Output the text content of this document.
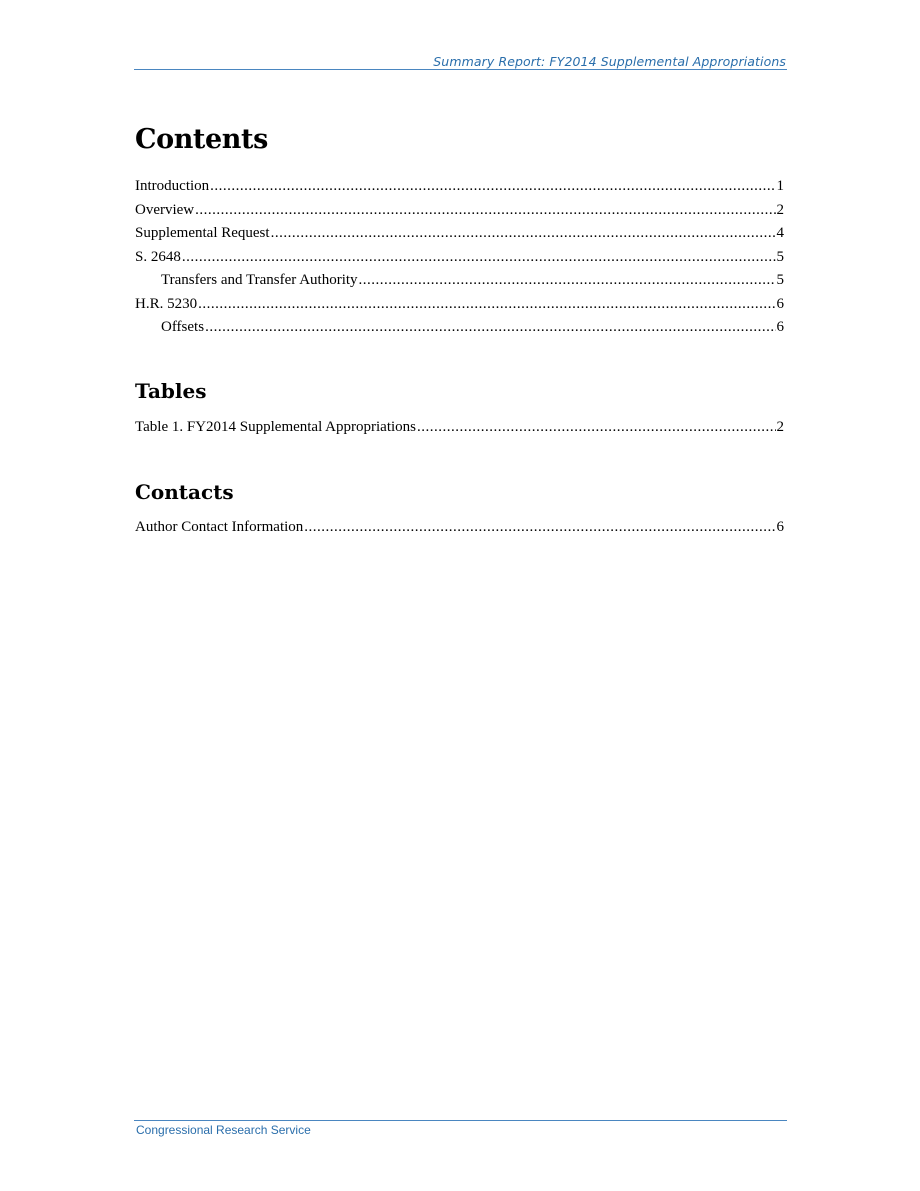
Summary Report: FY2014 Supplemental Appropriations
Contents
Introduction .....	1
Overview .....	2
Supplemental Request .....	4
S. 2648 .....	5
Transfers and Transfer Authority .....	5
H.R. 5230 .....	6
Offsets .....	6
Tables
Table 1. FY2014 Supplemental Appropriations .....	2
Contacts
Author Contact Information .....	6
Congressional Research Service
